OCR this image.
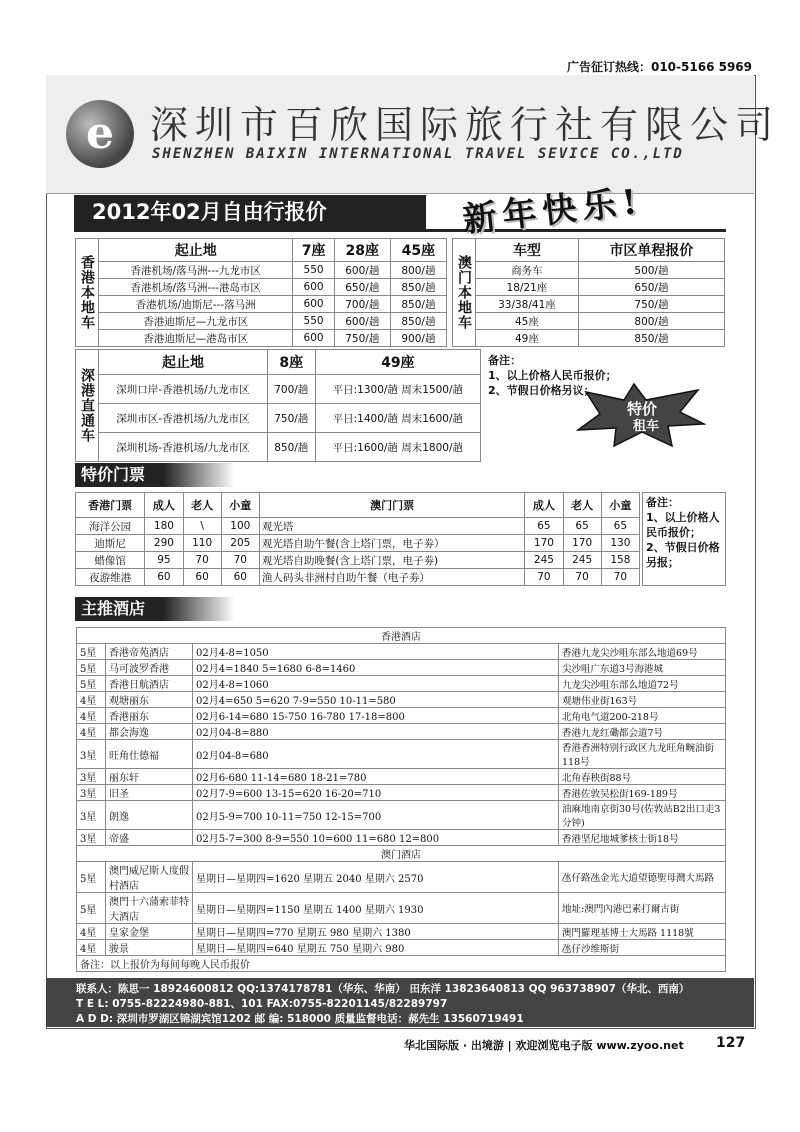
广告征订热线：010-5166 5969
e 深圳市百欣国际旅行社有限公司
SHENZHEN BAIXIN INTERNATIONAL TRAVEL SEVICE CO.,LTD
2012年02月自由行报价	新年快乐!
香港本地车	起止地	7座	28座	45座
	香港机场/落马洲---九龙市区	550	600/趟	800/趟
	香港机场/落马洲---港岛市区	600	650/趟	850/趟
	香港机场/迪斯尼---落马洲	600	700/趟	850/趟
	香港迪斯尼—九龙市区	550	600/趟	850/趟
	香港迪斯尼—港岛市区	600	750/趟	900/趟
澳门本地车	车型	市区单程报价
	商务车	500/趟
	18/21座	650/趟
	33/38/41座	750/趟
	45座	800/趟
	49座	850/趟
深港直通车	起止地	8座	49座
	深圳口岸-香港机场/九龙市区	700/趟	平日:1300/趟 周末1500/趟
	深圳市区-香港机场/九龙市区	750/趟	平日:1400/趟 周末1600/趟
	深圳机场-香港机场/九龙市区	850/趟	平日:1600/趟 周末1800/趟
备注：
1、以上价格人民币报价；
2、节假日价格另议；
特价
租车
特价门票
香港门票	成人	老人	小童	澳门门票	成人	老人	小童
海洋公园	180	\	100	观光塔	65	65	65
迪斯尼	290	110	205	观光塔自助午餐(含上塔门票，电子劵）	170	170	130
蜡像馆	95	70	70	观光塔自助晚餐(含上塔门票，电子劵)	245	245	158
夜游维港	60	60	60	渔人码头非洲村自助午餐（电子劵）	70	70	70
备注：
1、以上价格人民币报价；
2、节假日价格另报；
主推酒店
香港酒店			
5星	香港帝苑酒店	02月4-8=1050	香港九龙尖沙咀东部么地道69号
5星	马可波罗香港	02月4=1840 5=1680 6-8=1460	尖沙咀广东道3号海港城
5星	香港日航酒店	02月4-8=1060	九龙尖沙咀东部么地道72号
4星	观塘丽东	02月4=650 5=620 7-9=550 10-11=580	观塘伟业街163号
4星	香港丽东	02月6-14=680 15-750 16-780 17-18=800	北角电气道200-218号
4星	都会海逸	02月04-8=880	香港九龙红磡都会道7号
3星	旺角仕德福	02月04-8=680	香港香洲特别行政区九龙旺角畹油街118号
3星	丽东轩	02月6-680 11-14=680 18-21=780	北角春秧街88号
3星	旧圣	02月7-9=600 13-15=620 16-20=710	香港佐敦吴松街169-189号
3星	朗逸	02月5-9=700 10-11=750 12-15=700	油麻地南京街30号(佐敦站B2出口走3分钟)
3星	帝盛	02月5-7=300 8-9=550 10=600 11=680 12=800	香港坚尼地城爹核士街18号
澳门酒店			
5星	澳門威尼斯人度假村酒店	星期日—星期四=1620 星期五 2040 星期六 2570	氹仔路氹金光大道望德聖母灣大馬路
5星	澳門十六蒲索菲特大酒店	星期日—星期四=1150 星期五 1400 星期六 1930	地址:澳門內港巴素打爾古街
4星	皇家金堡	星期日—星期四=770 星期五 980 星期六 1380	澳門羅理基博士大馬路 1118號
4星	骏景	星期日—星期四=640 星期五 750 星期六 980	氹仔沙维斯街
备注：以上报价为每间每晚人民币报价			
联系人：陈思一 18924600812 QQ:1374178781（华东、华南） 田东洋 13823640813 QQ 963738907（华北、西南）
T E L: 0755-82224980-881、101 FAX:0755-82201145/82289797
A D D: 深圳市罗湖区锦湖宾馆1202 邮 编: 518000 质量监督电话：郝先生 13560719491
华北国际版 · 出境游 | 欢迎浏览电子版 www.zyoo.net 127
